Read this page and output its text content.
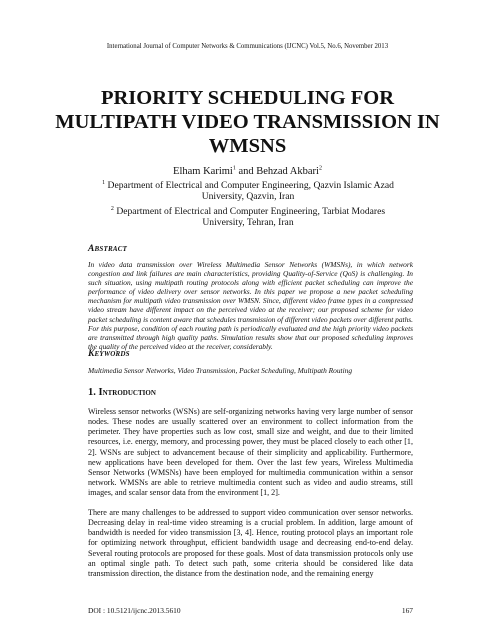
International Journal of Computer Networks & Communications (IJCNC) Vol.5, No.6, November 2013
PRIORITY SCHEDULING FOR MULTIPATH VIDEO TRANSMISSION IN WMSNS
Elham Karimi$^1$ and Behzad Akbari$^2$
$^1$ Department of Electrical and Computer Engineering, Qazvin Islamic Azad University, Qazvin, Iran
$^2$ Department of Electrical and Computer Engineering, Tarbiat Modares University, Tehran, Iran
Abstract

In video data transmission over Wireless Multimedia Sensor Networks (WMSNs), in which network congestion and link failures are main characteristics, providing Quality-of-Service (QoS) is challenging. In such situation, using multipath routing protocols along with efficient packet scheduling can improve the performance of video delivery over sensor networks. In this paper we propose a new packet scheduling mechanism for multipath video transmission over WMSN. Since, different video frame types in a compressed video stream have different impact on the perceived video at the receiver; our proposed scheme for video packet scheduling is content aware that schedules transmission of different video packets over different paths. For this purpose, condition of each routing path is periodically evaluated and the high priority video packets are transmitted through high quality paths. Simulation results show that our proposed scheduling improves the quality of the perceived video at the receiver, considerably.

Keywords

Multimedia Sensor Networks, Video Transmission, Packet Scheduling, Multipath Routing

1. Introduction

Wireless sensor networks (WSNs) are self-organizing networks having very large number of sensor nodes. These nodes are usually scattered over an environment to collect information from the perimeter. They have properties such as low cost, small size and weight, and due to their limited resources, i.e. energy, memory, and processing power, they must be placed closely to each other [1, 2]. WSNs are subject to advancement because of their simplicity and applicability. Furthermore, new applications have been developed for them. Over the last few years, Wireless Multimedia Sensor Networks (WMSNs) have been employed for multimedia communication within a sensor network. WMSNs are able to retrieve multimedia content such as video and audio streams, still images, and scalar sensor data from the environment [1, 2].

There are many challenges to be addressed to support video communication over sensor networks. Decreasing delay in real-time video streaming is a crucial problem. In addition, large amount of bandwidth is needed for video transmission [3, 4]. Hence, routing protocol plays an important role for optimizing network throughput, efficient bandwidth usage and decreasing end-to-end delay. Several routing protocols are proposed for these goals. Most of data transmission protocols only use an optimal single path. To detect such path, some criteria should be considered like data transmission direction, the distance from the destination node, and the remaining energy

DOI : 10.5121/ijcnc.2013.5610	167
